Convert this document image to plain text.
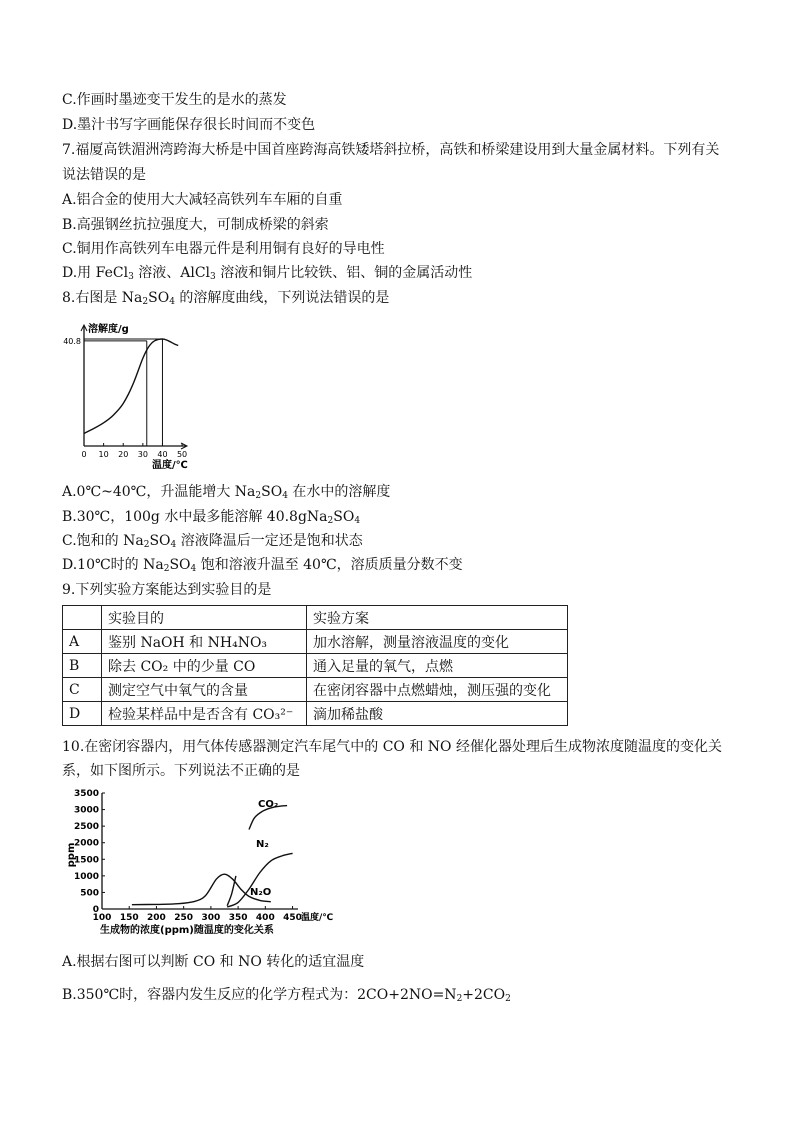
C.作画时墨迹变干发生的是水的蒸发
D.墨汁书写字画能保存很长时间而不变色
7.福厦高铁湄洲湾跨海大桥是中国首座跨海高铁矮塔斜拉桥，高铁和桥梁建设用到大量金属材料。下列有关
说法错误的是
A.铝合金的使用大大减轻高铁列车车厢的自重
B.高强钢丝抗拉强度大，可制成桥梁的斜索
C.铜用作高铁列车电器元件是利用铜有良好的导电性
D.用 FeCl$_3$ 溶液、AlCl$_3$ 溶液和铜片比较铁、铝、铜的金属活动性
8.右图是 $Na_2SO_4$ 的溶解度曲线，下列说法错误的是
溶解度/g
温度/℃
0 10 20 30 40 50
40.8
A.0℃~40℃，升温能增大 $Na_2SO_4$ 在水中的溶解度
B.30℃，100g 水中最多能溶解 $40.8gNa_2SO_4$
C.饱和的 $Na_2SO_4$ 溶液降温后一定还是饱和状态
D.10℃时的 $Na_2SO_4$ 饱和溶液升温至 40℃，溶质质量分数不变
9.下列实验方案能达到实验目的是
	实验目的	实验方案
A	鉴别 NaOH 和 NH₄NO₃	加水溶解，测量溶液温度的变化
B	除去 CO₂ 中的少量 CO	通入足量的氧气，点燃
C	测定空气中氧气的含量	在密闭容器中点燃蜡烛，测压强的变化
D	检验某样品中是否含有 CO₃²⁻	滴加稀盐酸
10.在密闭容器内，用气体传感器测定汽车尾气中的 CO 和 NO 经催化器处理后生成物浓度随温度的变化关
系，如下图所示。下列说法不正确的是
0
500
1000
1500
2000
2500
3000
3500
100 150 200 250 300 350 400 450 温度/℃
ppm
生成物的浓度(ppm)随温度的变化关系
CO₂
N₂
N₂O
A.根据右图可以判断 CO 和 NO 转化的适宜温度
B.350℃时，容器内发生反应的化学方程式为：$2CO+2NO=N_2+2CO_2$
